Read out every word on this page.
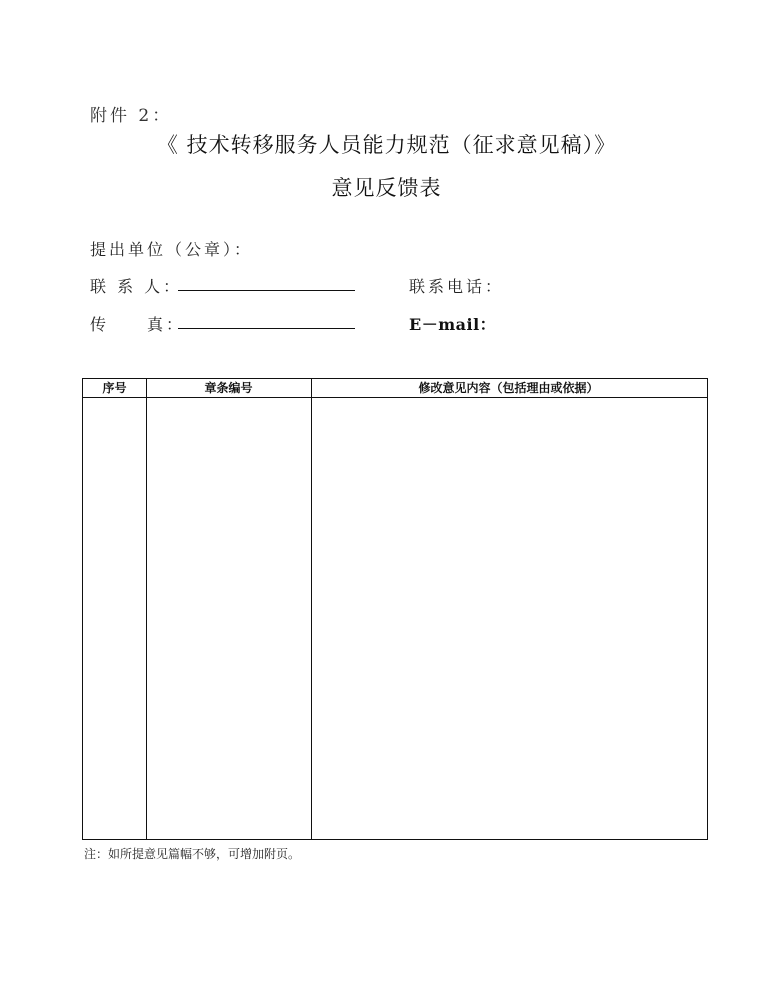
附件 2：
《 技术转移服务人员能力规范（征求意见稿）》
意见反馈表
提出单位（公章）：
联 系 人：	联系电话：
传　　真：	E－mail：
序号	章条编号	修改意见内容（包括理由或依据）
注：如所提意见篇幅不够，可增加附页。
